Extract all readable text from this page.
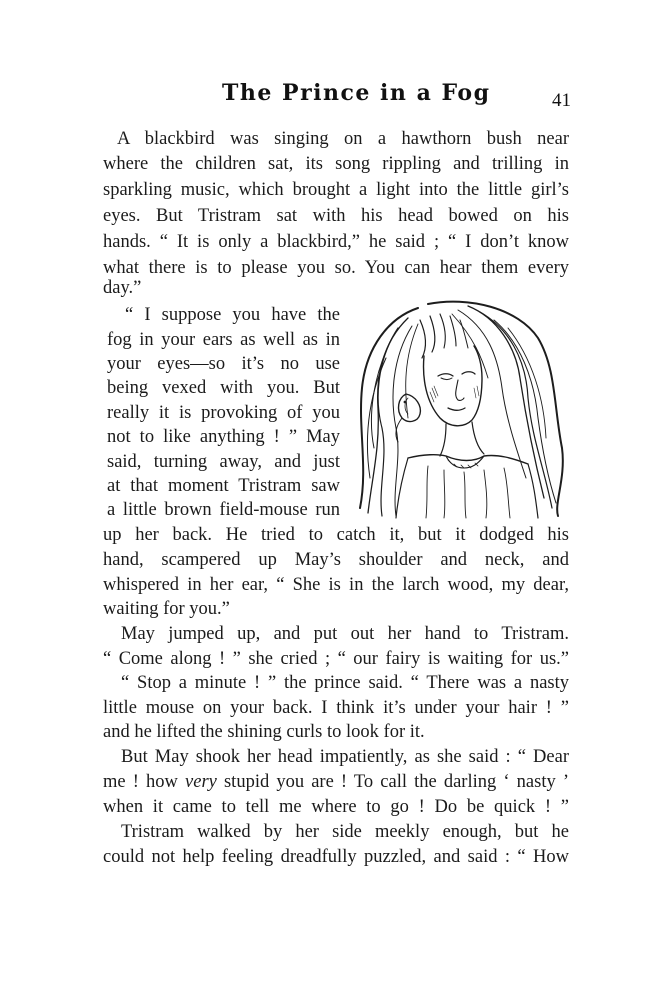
The Prince in a Fog	41
A blackbird was singing on a hawthorn bush near
where the children sat, its song rippling and trilling in
sparkling music, which brought a light into the little girl’s
eyes. But Tristram sat with his head bowed on his
hands. “ It is only a blackbird,” he said ; “ I don’t know
what there is to please you so. You can hear them every
day.”
“ I suppose you have the
fog in your ears as well as in
your eyes—so it’s no use
being vexed with you. But
really it is provoking of you
not to like anything ! ” May
said, turning away, and just
at that moment Tristram saw
a little brown field-mouse run
up her back. He tried to catch it, but it dodged his
hand, scampered up May’s shoulder and neck, and
whispered in her ear, “ She is in the larch wood, my dear,
waiting for you.”
May jumped up, and put out her hand to Tristram.
“ Come along ! ” she cried ; “ our fairy is waiting for us.”
“ Stop a minute ! ” the prince said. “ There was a nasty
little mouse on your back. I think it’s under your hair ! ”
and he lifted the shining curls to look for it.
But May shook her head impatiently, as she said : “ Dear
me ! how very stupid you are ! To call the darling ‘ nasty ’
when it came to tell me where to go ! Do be quick ! ”
Tristram walked by her side meekly enough, but he
could not help feeling dreadfully puzzled, and said : “ How
